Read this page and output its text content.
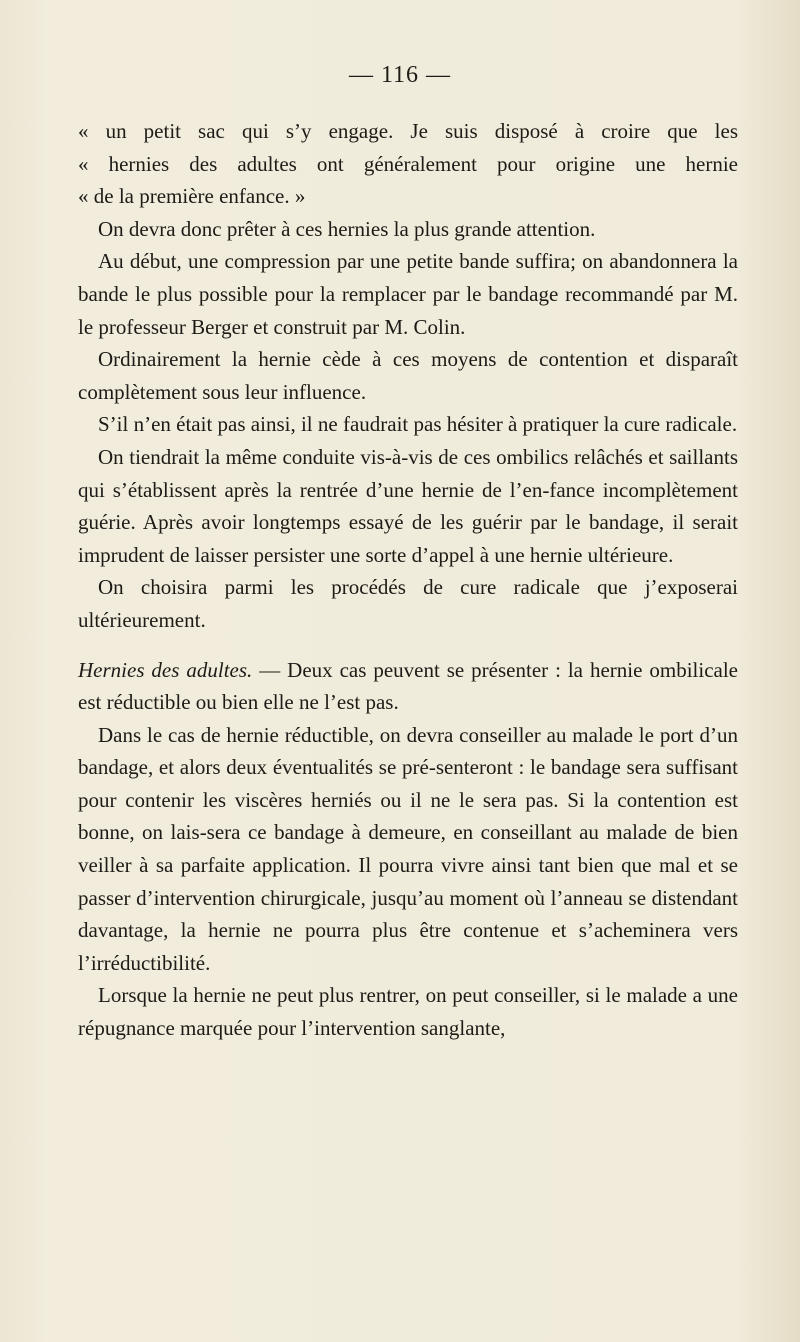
— 116 —

« un petit sac qui s’y engage. Je suis disposé à croire que les
« hernies des adultes ont généralement pour origine une hernie
« de la première enfance. »

On devra donc prêter à ces hernies la plus grande attention.

Au début, une compression par une petite bande suffira; on abandonnera la bande le plus possible pour la remplacer par le bandage recommandé par M. le professeur Berger et construit par M. Colin.

Ordinairement la hernie cède à ces moyens de contention et disparaît complètement sous leur influence.

S’il n’en était pas ainsi, il ne faudrait pas hésiter à pratiquer la cure radicale.

On tiendrait la même conduite vis-à-vis de ces ombilics relâchés et saillants qui s’établissent après la rentrée d’une hernie de l’en-fance incomplètement guérie. Après avoir longtemps essayé de les guérir par le bandage, il serait imprudent de laisser persister une sorte d’appel à une hernie ultérieure.

On choisira parmi les procédés de cure radicale que j’exposerai ultérieurement.

Hernies des adultes. — Deux cas peuvent se présenter : la hernie ombilicale est réductible ou bien elle ne l’est pas.

Dans le cas de hernie réductible, on devra conseiller au malade le port d’un bandage, et alors deux éventualités se pré-senteront : le bandage sera suffisant pour contenir les viscères herniés ou il ne le sera pas. Si la contention est bonne, on lais-sera ce bandage à demeure, en conseillant au malade de bien veiller à sa parfaite application. Il pourra vivre ainsi tant bien que mal et se passer d’intervention chirurgicale, jusqu’au moment où l’anneau se distendant davantage, la hernie ne pourra plus être contenue et s’acheminera vers l’irréductibilité.

Lorsque la hernie ne peut plus rentrer, on peut conseiller, si le malade a une répugnance marquée pour l’intervention sanglante,
